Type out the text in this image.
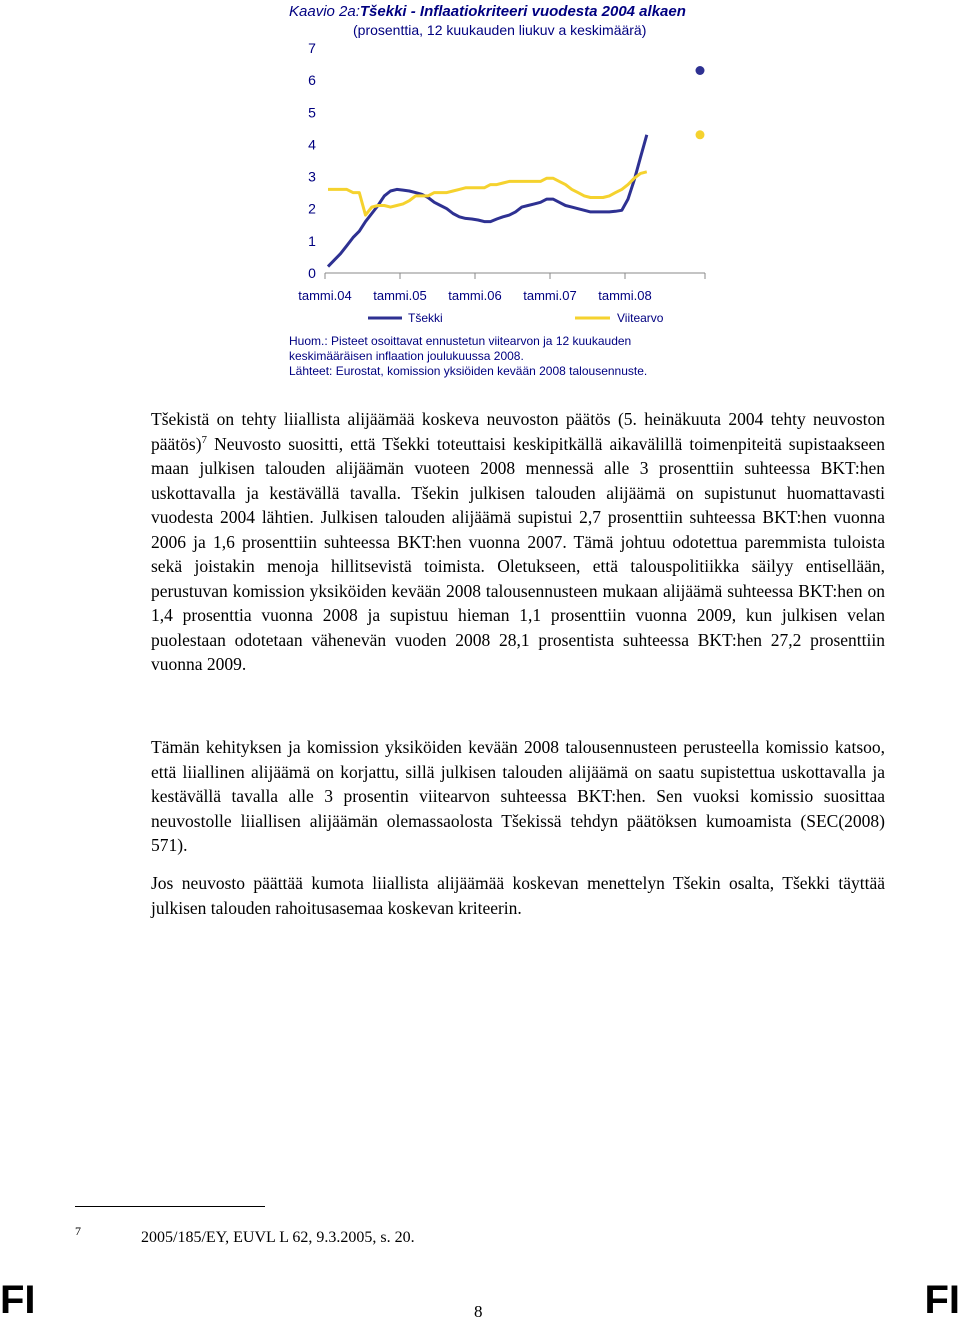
0
1
2
3
4
5
6
7
tammi.04 tammi.05 tammi.06 tammi.07 tammi.08
Tšekki	Viitearvo
Kaavio 2a:Tšekki - Inflaatiokriteeri vuodesta 2004 alkaen
(prosenttia, 12 kuukauden liukuv a keskimäärä)
Huom.: Pisteet osoittavat ennustetun viitearvon ja 12 kuukauden
keskimääräisen inflaation joulukuussa 2008.
Lähteet: Eurostat, komission yksiöiden kevään 2008 talousennuste.
Tšekistä on tehty liiallista alijäämää koskeva neuvoston päätös (5. heinäkuuta 2004 tehty neuvoston päätös)$^7$ Neuvosto suositti, että Tšekki toteuttaisi keskipitkällä aikavälillä toimenpiteitä supistaakseen maan julkisen talouden alijäämän vuoteen 2008 mennessä alle 3 prosenttiin suhteessa BKT:hen uskottavalla ja kestävällä tavalla. Tšekin julkisen talouden alijäämä on supistunut huomattavasti vuodesta 2004 lähtien. Julkisen talouden alijäämä supistui 2,7 prosenttiin suhteessa BKT:hen vuonna 2006 ja 1,6 prosenttiin suhteessa BKT:hen vuonna 2007. Tämä johtuu odotettua paremmista tuloista sekä joistakin menoja hillitsevistä toimista. Oletukseen, että talouspolitiikka säilyy entisellään, perustuvan komission yksiköiden kevään 2008 talousennusteen mukaan alijäämä suhteessa BKT:hen on 1,4 prosenttia vuonna 2008 ja supistuu hieman 1,1 prosenttiin vuonna 2009, kun julkisen velan puolestaan odotetaan vähenevän vuoden 2008 28,1 prosentista suhteessa BKT:hen 27,2 prosenttiin vuonna 2009.
Tämän kehityksen ja komission yksiköiden kevään 2008 talousennusteen perusteella komissio katsoo, että liiallinen alijäämä on korjattu, sillä julkisen talouden alijäämä on saatu supistettua uskottavalla ja kestävällä tavalla alle 3 prosentin viitearvon suhteessa BKT:hen. Sen vuoksi komissio suosittaa neuvostolle liiallisen alijäämän olemassaolosta Tšekissä tehdyn päätöksen kumoamista (SEC(2008) 571).
Jos neuvosto päättää kumota liiallista alijäämää koskevan menettelyn Tšekin osalta, Tšekki täyttää julkisen talouden rahoitusasemaa koskevan kriteerin.
7	2005/185/EY, EUVL L 62, 9.3.2005, s. 20.
FI	8	FI
